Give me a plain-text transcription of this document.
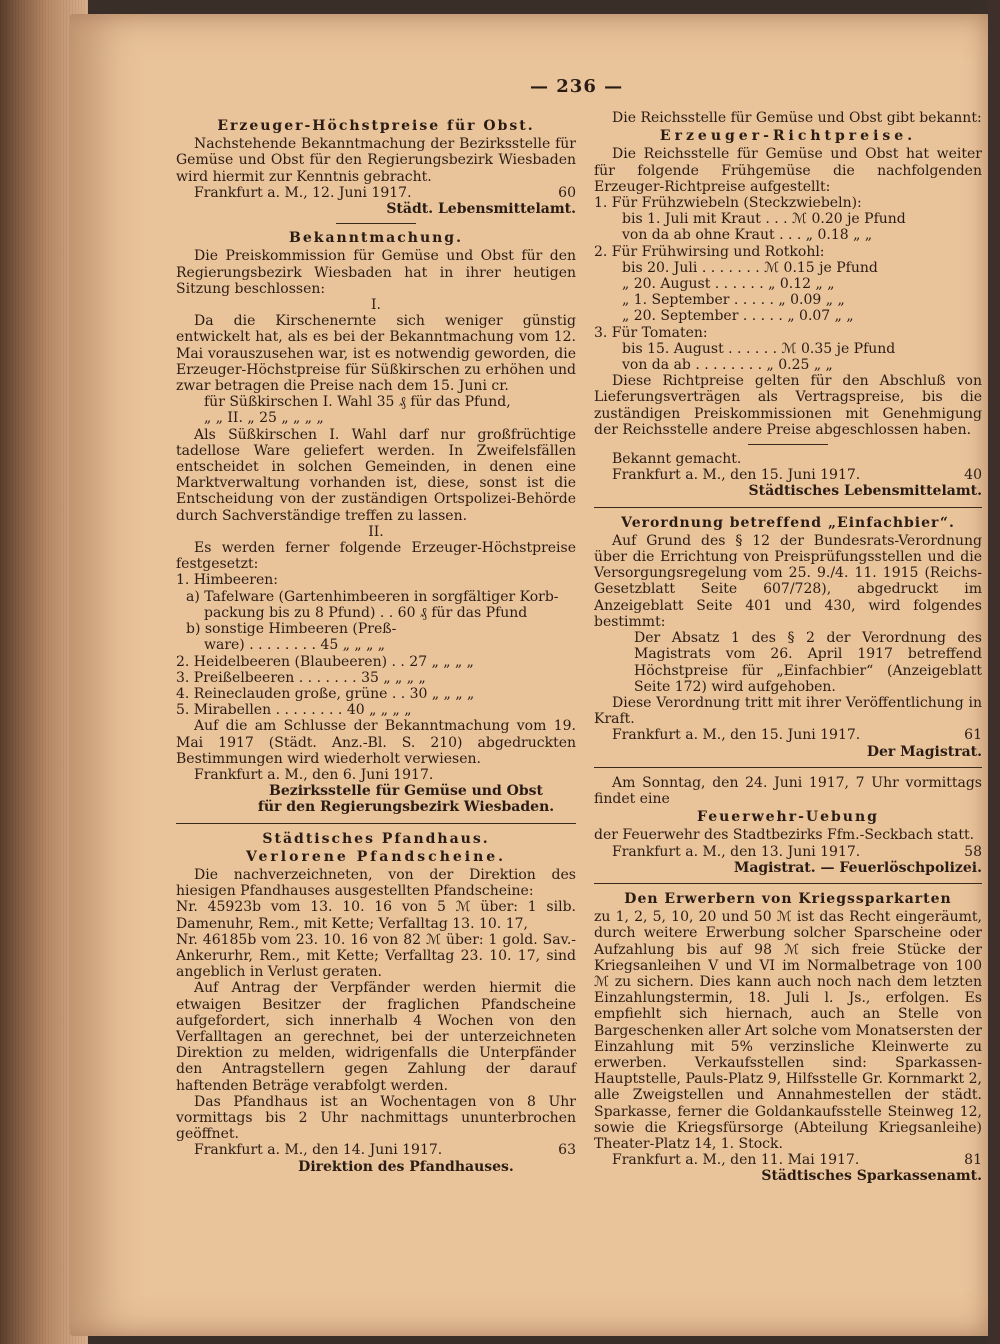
— 236 —
Erzeuger-Höchstpreise für Obst.

Nachstehende Bekanntmachung der Bezirksstelle für Gemüse und Obst für den Regierungsbezirk Wiesbaden wird hiermit zur Kenntnis gebracht.

Frankfurt a. M., 12. Juni 1917.	60

Städt. Lebensmittelamt.

Bekanntmachung.

Die Preiskommission für Gemüse und Obst für den Regierungsbezirk Wiesbaden hat in ihrer heutigen Sitzung beschlossen:

I.

Da die Kirschenernte sich weniger günstig entwickelt hat, als es bei der Bekanntmachung vom 12. Mai vorauszusehen war, ist es notwendig geworden, die Erzeuger-Höchstpreise für Süßkirschen zu erhöhen und zwar betragen die Preise nach dem 15. Juni cr.

für Süßkirschen I. Wahl 35 ₰ für das Pfund,

„ „ II. „ 25 „ „ „ „

Als Süßkirschen I. Wahl darf nur großfrüchtige tadellose Ware geliefert werden. In Zweifelsfällen entscheidet in solchen Gemeinden, in denen eine Marktverwaltung vorhanden ist, diese, sonst ist die Entscheidung von der zuständigen Ortspolizei-Behörde durch Sachverständige treffen zu lassen.

II.

Es werden ferner folgende Erzeuger-Höchstpreise festgesetzt:

1. Himbeeren:

a) Tafelware (Gartenhimbeeren in sorgfältiger Korb-

packung bis zu 8 Pfund) . . 60 ₰ für das Pfund

b) sonstige Himbeeren (Preß-

ware) . . . . . . . . 45 „ „ „ „

2. Heidelbeeren (Blaubeeren) . . 27 „ „ „ „

3. Preißelbeeren . . . . . . . 35 „ „ „ „

4. Reineclauden große, grüne . . 30 „ „ „ „

5. Mirabellen . . . . . . . . 40 „ „ „ „

Auf die am Schlusse der Bekanntmachung vom 19. Mai 1917 (Städt. Anz.-Bl. S. 210) abgedruckten Bestimmungen wird wiederholt verwiesen.

Frankfurt a. M., den 6. Juni 1917.

Bezirksstelle für Gemüse und Obst

für den Regierungsbezirk Wiesbaden.

Städtisches Pfandhaus.
Verlorene Pfandscheine.

Die nachverzeichneten, von der Direktion des hiesigen Pfandhauses ausgestellten Pfandscheine:

Nr. 45923b vom 13. 10. 16 von 5 ℳ über: 1 silb. Damenuhr, Rem., mit Kette; Verfalltag 13. 10. 17,

Nr. 46185b vom 23. 10. 16 von 82 ℳ über: 1 gold. Sav.-Ankerurhr, Rem., mit Kette; Verfalltag 23. 10. 17, sind angeblich in Verlust geraten.

Auf Antrag der Verpfänder werden hiermit die etwaigen Besitzer der fraglichen Pfandscheine aufgefordert, sich innerhalb 4 Wochen von den Verfalltagen an gerechnet, bei der unterzeichneten Direktion zu melden, widrigenfalls die Unterpfänder den Antragstellern gegen Zahlung der darauf haftenden Beträge verabfolgt werden.

Das Pfandhaus ist an Wochentagen von 8 Uhr vormittags bis 2 Uhr nachmittags ununterbrochen geöffnet.

Frankfurt a. M., den 14. Juni 1917.	63

Direktion des Pfandhauses.

Die Reichsstelle für Gemüse und Obst gibt bekannt:

Erzeuger-Richtpreise.

Die Reichsstelle für Gemüse und Obst hat weiter für folgende Frühgemüse die nachfolgenden Erzeuger-Richtpreise aufgestellt:

1. Für Frühzwiebeln (Steckzwiebeln):

bis 1. Juli mit Kraut . . . ℳ 0.20 je Pfund

von da ab ohne Kraut . . . „ 0.18 „ „

2. Für Frühwirsing und Rotkohl:

bis 20. Juli . . . . . . . ℳ 0.15 je Pfund

„ 20. August . . . . . . „ 0.12 „ „

„ 1. September . . . . . „ 0.09 „ „

„ 20. September . . . . . „ 0.07 „ „

3. Für Tomaten:

bis 15. August . . . . . . ℳ 0.35 je Pfund

von da ab . . . . . . . . „ 0.25 „ „

Diese Richtpreise gelten für den Abschluß von Lieferungsverträgen als Vertragspreise, bis die zuständigen Preiskommissionen mit Genehmigung der Reichsstelle andere Preise abgeschlossen haben.

Bekannt gemacht.

Frankfurt a. M., den 15. Juni 1917.	40

Städtisches Lebensmittelamt.

Verordnung betreffend „Einfachbier“.

Auf Grund des § 12 der Bundesrats-Verordnung über die Errichtung von Preisprüfungsstellen und die Versorgungsregelung vom 25. 9./4. 11. 1915 (Reichs-Gesetzblatt Seite 607/728), abgedruckt im Anzeigeblatt Seite 401 und 430, wird folgendes bestimmt:

Der Absatz 1 des § 2 der Verordnung des Magistrats vom 26. April 1917 betreffend Höchstpreise für „Einfachbier“ (Anzeigeblatt Seite 172) wird aufgehoben.

Diese Verordnung tritt mit ihrer Veröffentlichung in Kraft.

Frankfurt a. M., den 15. Juni 1917.	61

Der Magistrat.

Am Sonntag, den 24. Juni 1917, 7 Uhr vormittags findet eine

Feuerwehr-Uebung

der Feuerwehr des Stadtbezirks Ffm.-Seckbach statt.

Frankfurt a. M., den 13. Juni 1917.	58

Magistrat. — Feuerlöschpolizei.

Den Erwerbern von Kriegssparkarten

zu 1, 2, 5, 10, 20 und 50 ℳ ist das Recht eingeräumt, durch weitere Erwerbung solcher Sparscheine oder Aufzahlung bis auf 98 ℳ sich freie Stücke der Kriegsanleihen V und VI im Normalbetrage von 100 ℳ zu sichern. Dies kann auch noch nach dem letzten Einzahlungstermin, 18. Juli l. Js., erfolgen. Es empfiehlt sich hiernach, auch an Stelle von Bargeschenken aller Art solche vom Monatsersten der Einzahlung mit 5% verzinsliche Kleinwerte zu erwerben. Verkaufsstellen sind: Sparkassen-Hauptstelle, Pauls-Platz 9, Hilfsstelle Gr. Kornmarkt 2, alle Zweigstellen und Annahmestellen der städt. Sparkasse, ferner die Goldankaufsstelle Steinweg 12, sowie die Kriegsfürsorge (Abteilung Kriegsanleihe) Theater-Platz 14, 1. Stock.

Frankfurt a. M., den 11. Mai 1917.	81

Städtisches Sparkassenamt.
